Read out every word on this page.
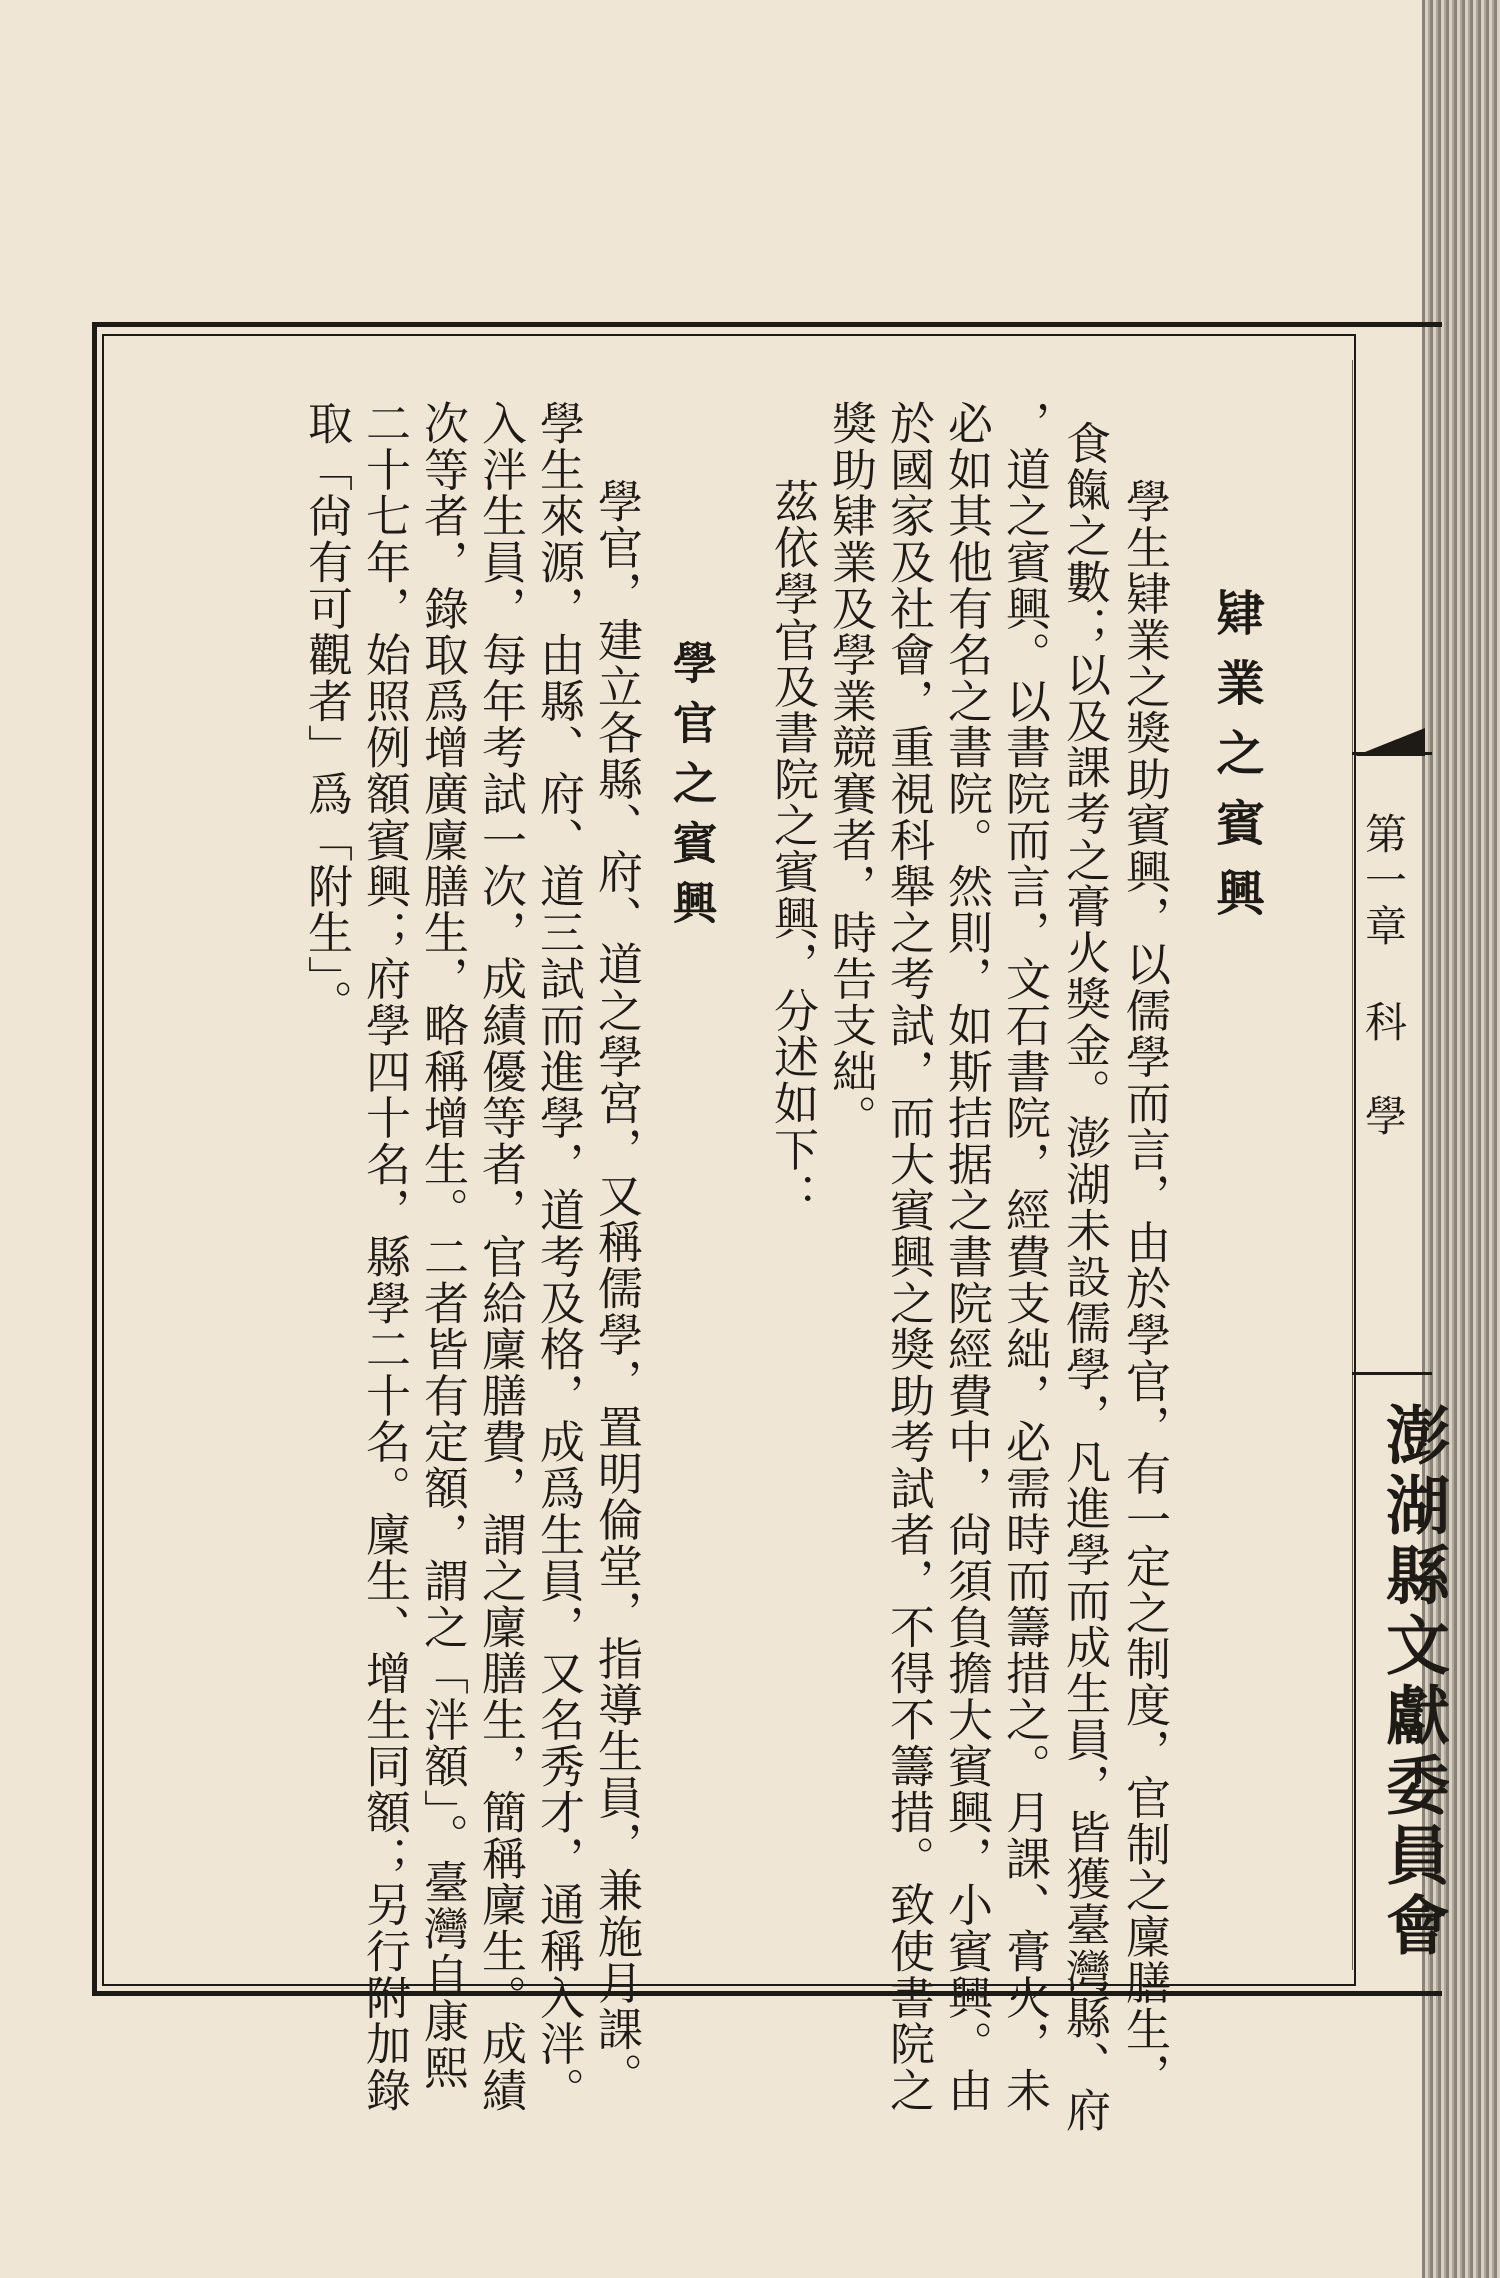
肄業之賓興
學生肄業之獎助賓興，以儒學而言，由於學官，有一定之制度，官制之廩膳生，
食餼之數；以及課考之膏火獎金。澎湖未設儒學，凡進學而成生員，皆獲臺灣縣、府
，道之賓興。以書院而言，文石書院，經費支絀，必需時而籌措之。月課、膏火，未
必如其他有名之書院。然則，如斯拮据之書院經費中，尙須負擔大賓興，小賓興。由
於國家及社會，重視科舉之考試，而大賓興之獎助考試者，不得不籌措。致使書院之
獎助肄業及學業競賽者，時告支絀。
茲依學官及書院之賓興，分述如下：
學官之賓興
學官，建立各縣、府、道之學宮，又稱儒學，置明倫堂，指導生員，兼施月課。
學生來源，由縣、府、道三試而進學，道考及格，成爲生員，又名秀才，通稱入泮。
入泮生員，每年考試一次，成績優等者，官給廩膳費，謂之廩膳生，簡稱廩生。成績
次等者，錄取爲增廣廩膳生，略稱增生。二者皆有定額，謂之「泮額」。臺灣自康熙
二十七年，始照例額賓興；府學四十名，縣學二十名。廩生、增生同額；另行附加錄
取「尙有可觀者」爲「附生」。	第一章
科學
澎湖縣文獻委員會
